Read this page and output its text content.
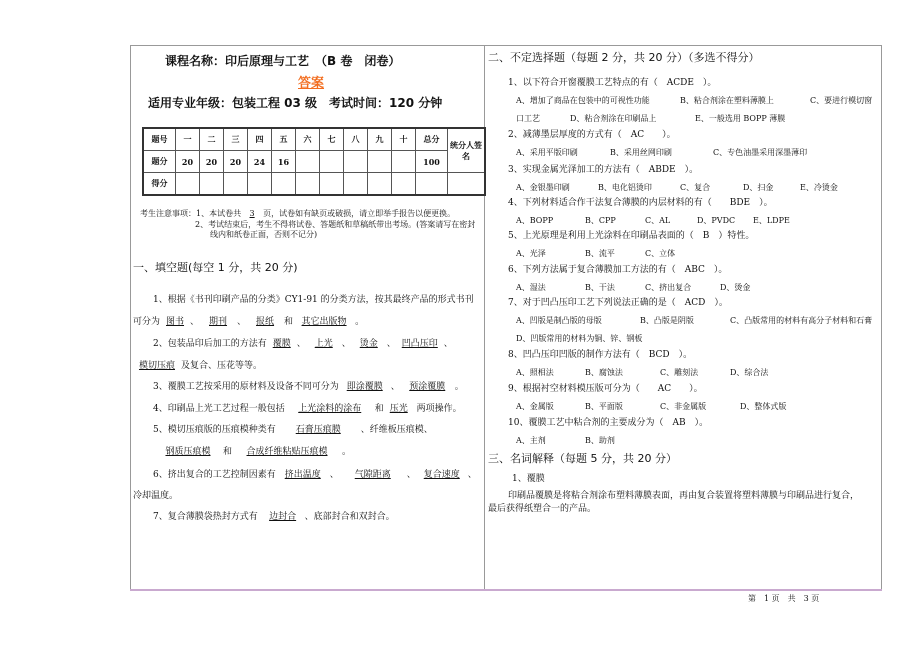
课程名称：印后原理与工艺　（B 卷　闭卷）
答案
适用专业年级：包装工程 03 级　考试时间：120 分钟
题号	一	二	三	四	五	六	七	八	九	十	总分	统分人签名
题分	20	20	20	24	16						100	
得分												
考生注意事项：1、本试卷共 3 页，试卷如有缺页或破损，请立即举手报告以便更换。
2、考试结束后，考生不得将试卷、答题纸和草稿纸带出考场。(答案请写在密封
线内和纸卷正面，否则不记分)
一、填空题(每空 1 分，共 20 分)
1、根据《书刊印刷产品的分类》CY1-91 的分类方法，按其最终产品的形式书刊
可分为 图书 、 期刊 、 报纸 和 其它出版物 。
2、包装品印后加工的方法有 覆膜 、 上光 、 烫金 、 凹凸压印 、
模切压痕 及复合、压花等等。
3、覆膜工艺按采用的原材料及设备不同可分为 即涂覆膜 、 预涂覆膜 。
4、印刷品上光工艺过程一般包括 上光涂料的涂布 和 压光 两项操作。
5、模切压痕版的压痕模种类有 石膏压痕膜 、纤维板压痕模、
钢质压痕模 和 合成纤维粘贴压痕模 。
6、挤出复合的工艺控制因素有 挤出温度 、 气隙距离 、 复合速度 、
冷却温度。
7、复合薄膜袋热封方式有 边封合 、底部封合和双封合。
二、不定选择题（每题 2 分，共 20 分）（多选不得分）
1、以下符合开窗覆膜工艺特点的有（　ACDE　）。
A、增加了商品在包装中的可视性功能	B、粘合剂涂在塑料薄膜上	C、要进行模切窗
口工艺	D、粘合剂涂在印刷品上	E、一般选用 BOPP 薄膜
2、减薄墨层厚度的方式有（　AC　　）。
A、采用平版印刷	B、采用丝网印刷	C、专色油墨采用深墨薄印
3、实现金属光泽加工的方法有（　ABDE　）。
A、金银墨印刷	B、电化铝烫印	C、复合	D、扫金	E、冷烫金
4、下列材料适合作干法复合薄膜的内层材料的有（　　BDE　）。
A、BOPP	B、CPP	C、AL	D、PVDC E、LDPE
5、上光原理是利用上光涂料在印刷品表面的（　B　）特性。
A、光泽	B、流平	C、立体
6、下列方法属于复合薄膜加工方法的有（　ABC　）。
A、湿法	B、干法	C、挤出复合	D、烫金
7、对于凹凸压印工艺下列说法正确的是（　ACD　）。
A、凹版是制凸版的母版	B、凸版是阴版	C、凸版常用的材料有高分子材料和石膏
D、凹版常用的材料为铜、锌、钢板
8、凹凸压印凹版的制作方法有（　BCD　）。
A、照相法	B、腐蚀法	C、雕刻法	D、综合法
9、根据衬空材料模压版可分为（　　AC　　）。
A、金属版	B、平面版	C、非金属版	D、整体式版
10、覆膜工艺中粘合剂的主要成分为（　AB　）。
A、主剂	B、助剂
三、名词解释（每题 5 分，共 20 分）
1、覆膜
印刷品覆膜是将粘合剂涂布塑料薄膜表面，再由复合装置将塑料薄膜与印刷品进行复合，
最后获得纸塑合一的产品。
第　1 页　共　3 页
